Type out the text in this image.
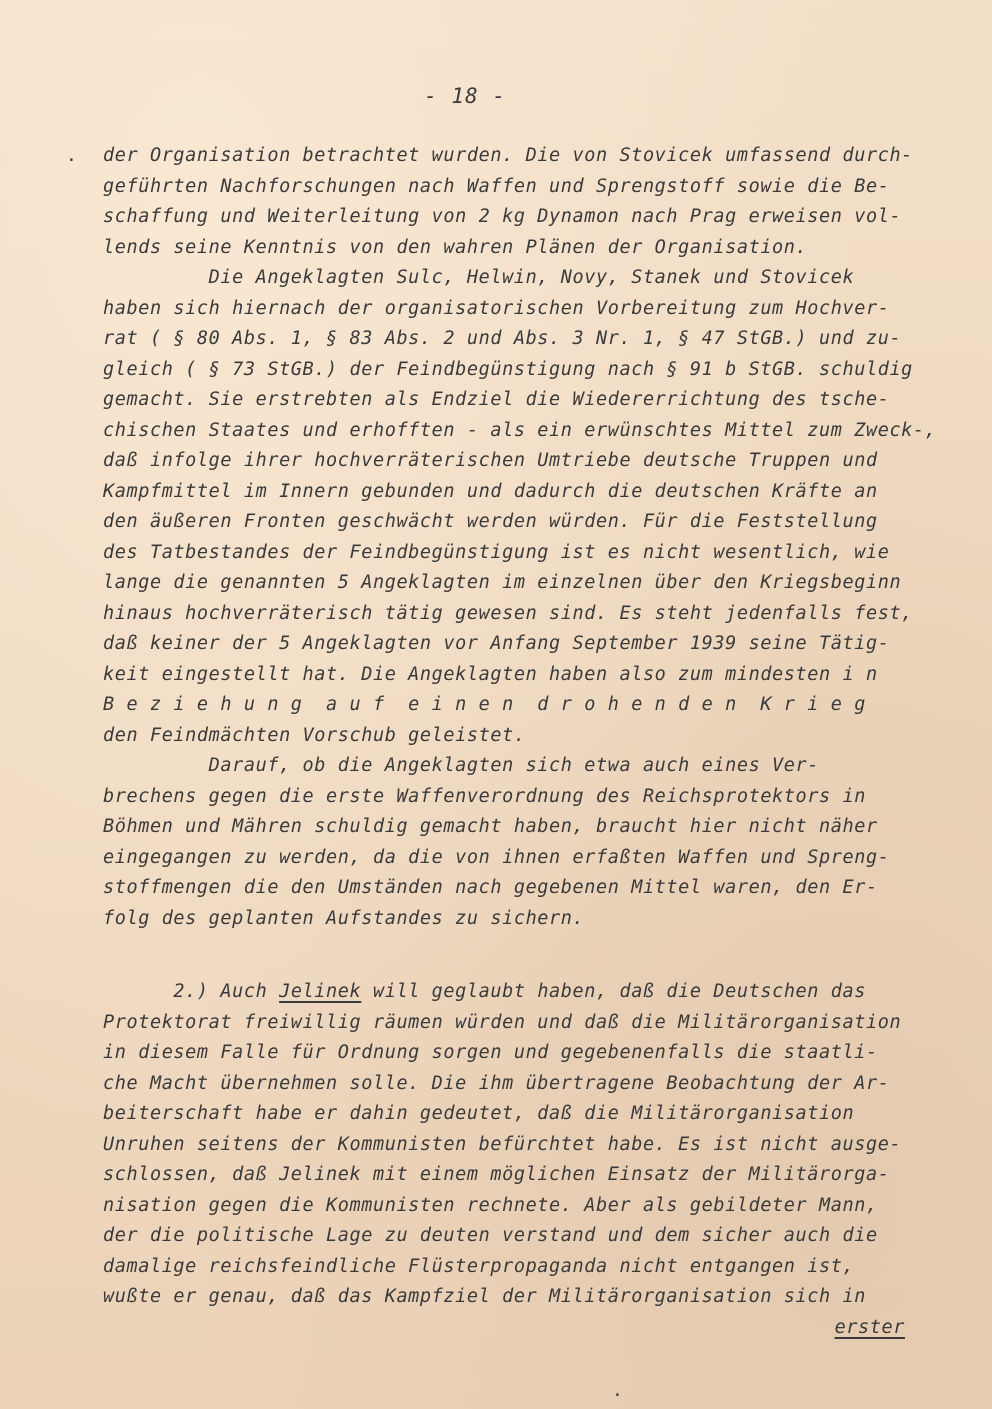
- 18 -
· der Organisation betrachtet wurden. Die von Stovicek umfassend durch-
geführten Nachforschungen nach Waffen und Sprengstoff sowie die Be-
schaffung und Weiterleitung von 2 kg Dynamon nach Prag erweisen vol-
lends seine Kenntnis von den wahren Plänen der Organisation.
Die Angeklagten Sulc, Helwin, Novy, Stanek und Stovicek
haben sich hiernach der organisatorischen Vorbereitung zum Hochver-
rat ( § 80 Abs. 1, § 83 Abs. 2 und Abs. 3 Nr. 1, § 47 StGB.) und zu-
gleich ( § 73 StGB.) der Feindbegünstigung nach § 91 b StGB. schuldig
gemacht. Sie erstrebten als Endziel die Wiedererrichtung des tsche-
chischen Staates und erhofften - als ein erwünschtes Mittel zum Zweck-,
daß infolge ihrer hochverräterischen Umtriebe deutsche Truppen und
Kampfmittel im Innern gebunden und dadurch die deutschen Kräfte an
den äußeren Fronten geschwächt werden würden. Für die Feststellung
des Tatbestandes der Feindbegünstigung ist es nicht wesentlich, wie
lange die genannten 5 Angeklagten im einzelnen über den Kriegsbeginn
hinaus hochverräterisch tätig gewesen sind. Es steht jedenfalls fest,
daß keiner der 5 Angeklagten vor Anfang September 1939 seine Tätig-
keit eingestellt hat. Die Angeklagten haben also zum mindesten i n
B e z i e h u n g  a u f  e i n e n  d r o h e n d e n  K r i e g
den Feindmächten Vorschub geleistet.
Darauf, ob die Angeklagten sich etwa auch eines Ver-
brechens gegen die erste Waffenverordnung des Reichsprotektors in
Böhmen und Mähren schuldig gemacht haben, braucht hier nicht näher
eingegangen zu werden, da die von ihnen erfaßten Waffen und Spreng-
stoffmengen die den Umständen nach gegebenen Mittel waren, den Er-
folg des geplanten Aufstandes zu sichern.
2.) Auch Jelinek will geglaubt haben, daß die Deutschen das
Protektorat freiwillig räumen würden und daß die Militärorganisation
in diesem Falle für Ordnung sorgen und gegebenenfalls die staatli-
che Macht übernehmen solle. Die ihm übertragene Beobachtung der Ar-
beiterschaft habe er dahin gedeutet, daß die Militärorganisation
Unruhen seitens der Kommunisten befürchtet habe. Es ist nicht ausge-
schlossen, daß Jelinek mit einem möglichen Einsatz der Militärorga-
nisation gegen die Kommunisten rechnete. Aber als gebildeter Mann,
der die politische Lage zu deuten verstand und dem sicher auch die
damalige reichsfeindliche Flüsterpropaganda nicht entgangen ist,
wußte er genau, daß das Kampfziel der Militärorganisation sich in
erster
·
